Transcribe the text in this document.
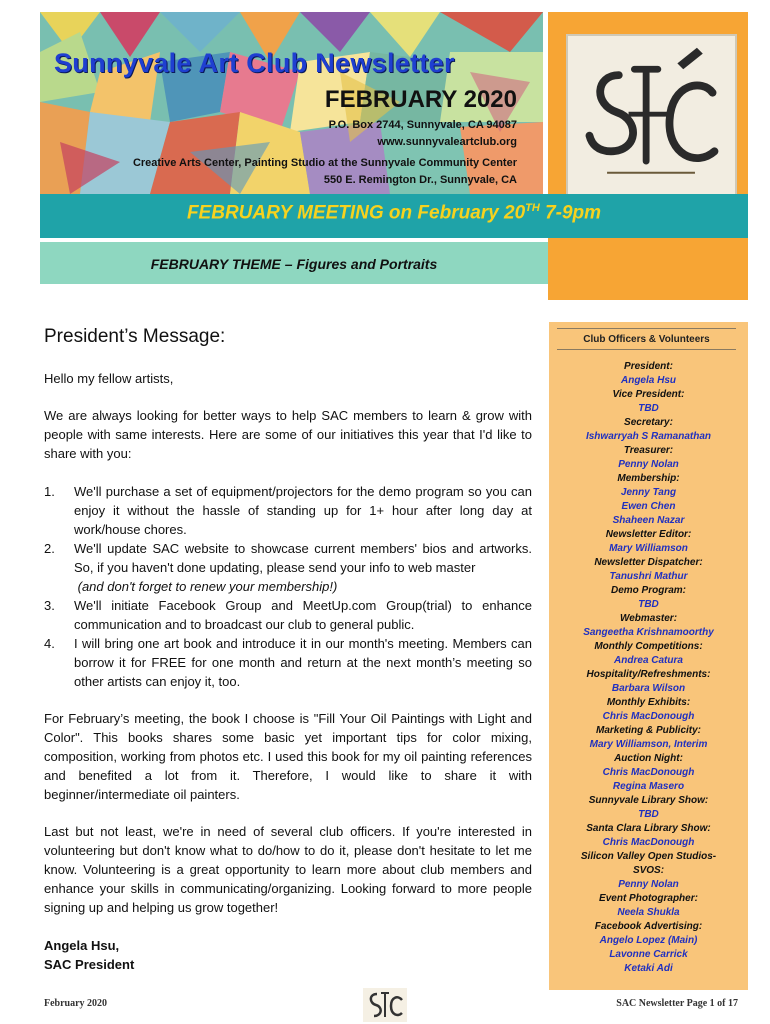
Sunnyvale Art Club Newsletter
FEBRUARY 2020
P.O. Box 2744, Sunnyvale, CA 94087
www.sunnyvaleartclub.org
Creative Arts Center, Painting Studio at the Sunnyvale Community Center
550 E. Remington Dr., Sunnyvale, CA
FEBRUARY MEETING on February 20TH 7-9pm
FEBRUARY THEME – Figures and Portraits
President’s Message:
Hello my fellow artists,
We are always looking for better ways to help SAC members to learn & grow with people with same interests. Here are some of our initiatives this year that I'd like to share with you:
1. We'll purchase a set of equipment/projectors for the demo program so you can enjoy it without the hassle of standing up for 1+ hour after long day at work/house chores.
2. We'll update SAC website to showcase current members' bios and artworks. So, if you haven't done updating, please send your info to web master
(and don't forget to renew your membership!)
3. We'll initiate Facebook Group and MeetUp.com Group(trial) to enhance communication and to broadcast our club to general public.
4. I will bring one art book and introduce it in our month's meeting. Members can borrow it for FREE for one month and return at the next month’s meeting so other artists can enjoy it, too.
For February’s meeting, the book I choose is "Fill Your Oil Paintings with Light and Color". This books shares some basic yet important tips for color mixing, composition, working from photos etc. I used this book for my oil painting references and benefited a lot from it. Therefore, I would like to share it with beginner/intermediate oil painters.
Last but not least, we're in need of several club officers. If you're interested in volunteering but don't know what to do/how to do it, please don't hesitate to let me know. Volunteering is a great opportunity to learn more about club members and enhance your skills in communicating/organizing. Looking forward to more people signing up and helping us grow together!
Angela Hsu,
SAC President
Club Officers & Volunteers
President:
Angela Hsu
Vice President:
TBD
Secretary:
Ishwarryah S Ramanathan
Treasurer:
Penny Nolan
Membership:
Jenny Tang
Ewen Chen
Shaheen Nazar
Newsletter Editor:
Mary Williamson
Newsletter Dispatcher:
Tanushri Mathur
Demo Program:
TBD
Webmaster:
Sangeetha Krishnamoorthy
Monthly Competitions:
Andrea Catura
Hospitality/Refreshments:
Barbara Wilson
Monthly Exhibits:
Chris MacDonough
Marketing & Publicity:
Mary Williamson, Interim
Auction Night:
Chris MacDonough
Regina Masero
Sunnyvale Library Show:
TBD
Santa Clara Library Show:
Chris MacDonough
Silicon Valley Open Studios-
SVOS:
Penny Nolan
Event Photographer:
Neela Shukla
Facebook Advertising:
Angelo Lopez (Main)
Lavonne Carrick
Ketaki Adi
February 2020	SAC Newsletter Page 1 of 17
